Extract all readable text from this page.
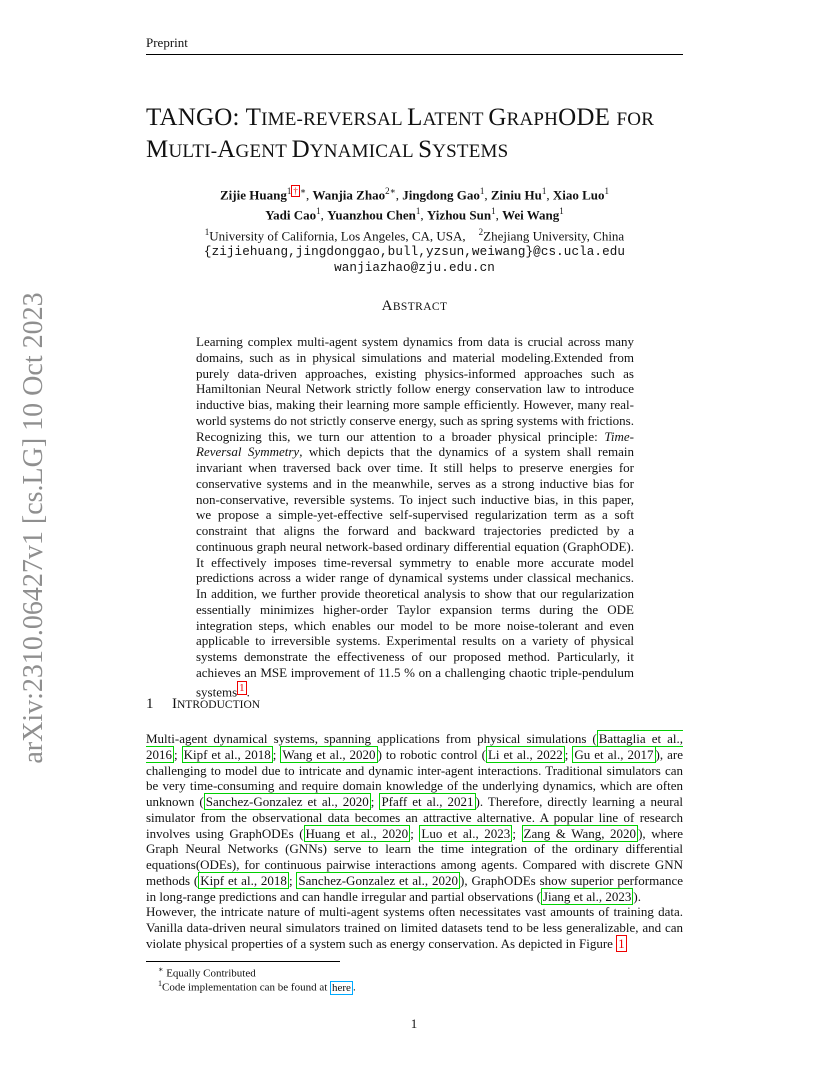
Preprint
TANGO: TIME-REVERSAL LATENT GRAPHODE FOR
MULTI-AGENT DYNAMICAL SYSTEMS
Zijie Huang$^1$ † ∗, Wanjia Zhao$^{2∗}$, Jingdong Gao$^1$, Ziniu Hu$^1$, Xiao Luo$^1$
Yadi Cao$^1$, Yuanzhou Chen$^1$, Yizhou Sun$^1$, Wei Wang$^1$
$^1$University of California, Los Angeles, CA, USA, $^2$Zhejiang University, China
{zijiehuang,jingdonggao,bull,yzsun,weiwang}@cs.ucla.edu
wanjiazhao@zju.edu.cn
arXiv:2310.06427v1 [cs.LG] 10 Oct 2023	ABSTRACT
Learning complex multi-agent system dynamics from data is crucial across many domains, such as in physical simulations and material modeling.Extended from purely data-driven approaches, existing physics-informed approaches such as Hamiltonian Neural Network strictly follow energy conservation law to introduce inductive bias, making their learning more sample efficiently. However, many real-world systems do not strictly conserve energy, such as spring systems with frictions. Recognizing this, we turn our attention to a broader physical principle: Time-Reversal Symmetry, which depicts that the dynamics of a system shall remain invariant when traversed back over time. It still helps to preserve energies for conservative systems and in the meanwhile, serves as a strong inductive bias for non-conservative, reversible systems. To inject such inductive bias, in this paper, we propose a simple-yet-effective self-supervised regularization term as a soft constraint that aligns the forward and backward trajectories predicted by a continuous graph neural network-based ordinary differential equation (GraphODE). It effectively imposes time-reversal symmetry to enable more accurate model predictions across a wider range of dynamical systems under classical mechanics. In addition, we further provide theoretical analysis to show that our regularization essentially minimizes higher-order Taylor expansion terms during the ODE integration steps, which enables our model to be more noise-tolerant and even applicable to irreversible systems. Experimental results on a variety of physical systems demonstrate the effectiveness of our proposed method. Particularly, it achieves an MSE improvement of 11.5 % on a challenging chaotic triple-pendulum systems $^1$ .
1 INTRODUCTION
Multi-agent dynamical systems, spanning applications from physical simulations ( Battaglia et al., 2016 ; Kipf et al., 2018 ; Wang et al., 2020 ) to robotic control ( Li et al., 2022 ; Gu et al., 2017 ), are challenging to model due to intricate and dynamic inter-agent interactions. Traditional simulators can be very time-consuming and require domain knowledge of the underlying dynamics, which are often unknown ( Sanchez-Gonzalez et al., 2020 ; Pfaff et al., 2021 ). Therefore, directly learning a neural simulator from the observational data becomes an attractive alternative. A popular line of research involves using GraphODEs ( Huang et al., 2020 ; Luo et al., 2023 ; Zang & Wang, 2020 ), where Graph Neural Networks (GNNs) serve to learn the time integration of the ordinary differential equations(ODEs), for continuous pairwise interactions among agents. Compared with discrete GNN methods ( Kipf et al., 2018 ; Sanchez-Gonzalez et al., 2020 ), GraphODEs show superior performance in long-range predictions and can handle irregular and partial observations ( Jiang et al., 2023 ).
However, the intricate nature of multi-agent systems often necessitates vast amounts of training data. Vanilla data-driven neural simulators trained on limited datasets tend to be less generalizable, and can violate physical properties of a system such as energy conservation. As depicted in Figure 1
∗ Equally Contributed
$^1$Code implementation can be found at here .
1
